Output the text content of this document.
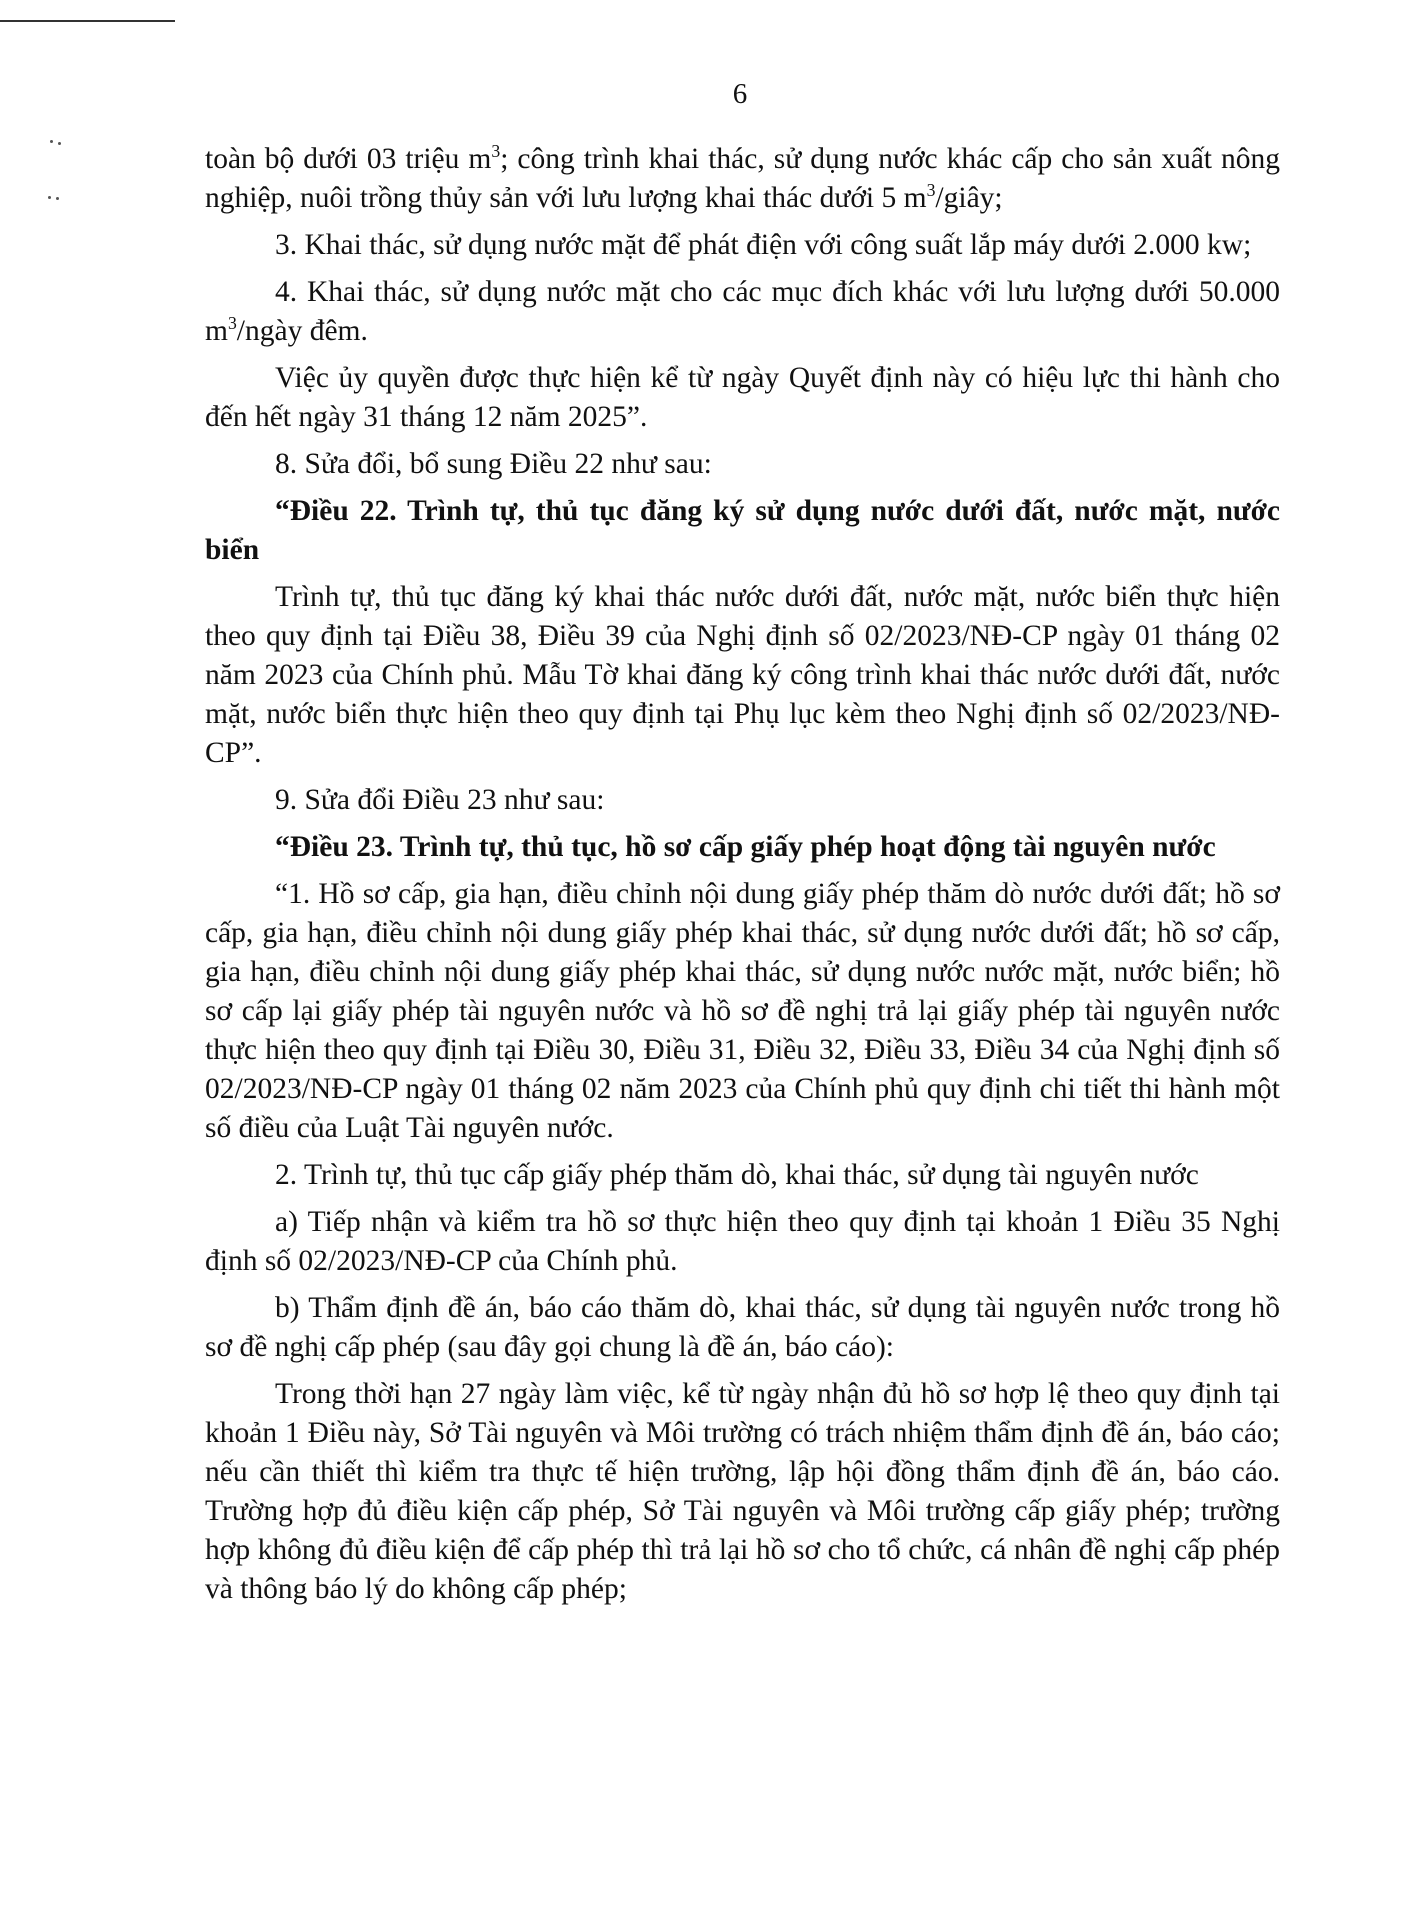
6

toàn bộ dưới 03 triệu $m^3$; công trình khai thác, sử dụng nước khác cấp cho sản xuất nông nghiệp, nuôi trồng thủy sản với lưu lượng khai thác dưới 5 $m^3$/giây;

3. Khai thác, sử dụng nước mặt để phát điện với công suất lắp máy dưới 2.000 kw;

4. Khai thác, sử dụng nước mặt cho các mục đích khác với lưu lượng dưới 50.000 $m^3$/ngày đêm.

Việc ủy quyền được thực hiện kể từ ngày Quyết định này có hiệu lực thi hành cho đến hết ngày 31 tháng 12 năm 2025”.

8. Sửa đổi, bổ sung Điều 22 như sau:

“Điều 22. Trình tự, thủ tục đăng ký sử dụng nước dưới đất, nước mặt, nước biển

Trình tự, thủ tục đăng ký khai thác nước dưới đất, nước mặt, nước biển thực hiện theo quy định tại Điều 38, Điều 39 của Nghị định số 02/2023/NĐ-CP ngày 01 tháng 02 năm 2023 của Chính phủ. Mẫu Tờ khai đăng ký công trình khai thác nước dưới đất, nước mặt, nước biển thực hiện theo quy định tại Phụ lục kèm theo Nghị định số 02/2023/NĐ-CP”.

9. Sửa đổi Điều 23 như sau:

“Điều 23. Trình tự, thủ tục, hồ sơ cấp giấy phép hoạt động tài nguyên nước

“1. Hồ sơ cấp, gia hạn, điều chỉnh nội dung giấy phép thăm dò nước dưới đất; hồ sơ cấp, gia hạn, điều chỉnh nội dung giấy phép khai thác, sử dụng nước dưới đất; hồ sơ cấp, gia hạn, điều chỉnh nội dung giấy phép khai thác, sử dụng nước nước mặt, nước biển; hồ sơ cấp lại giấy phép tài nguyên nước và hồ sơ đề nghị trả lại giấy phép tài nguyên nước thực hiện theo quy định tại Điều 30, Điều 31, Điều 32, Điều 33, Điều 34 của Nghị định số 02/2023/NĐ-CP ngày 01 tháng 02 năm 2023 của Chính phủ quy định chi tiết thi hành một số điều của Luật Tài nguyên nước.

2. Trình tự, thủ tục cấp giấy phép thăm dò, khai thác, sử dụng tài nguyên nước

a) Tiếp nhận và kiểm tra hồ sơ thực hiện theo quy định tại khoản 1 Điều 35 Nghị định số 02/2023/NĐ-CP của Chính phủ.

b) Thẩm định đề án, báo cáo thăm dò, khai thác, sử dụng tài nguyên nước trong hồ sơ đề nghị cấp phép (sau đây gọi chung là đề án, báo cáo):

Trong thời hạn 27 ngày làm việc, kể từ ngày nhận đủ hồ sơ hợp lệ theo quy định tại khoản 1 Điều này, Sở Tài nguyên và Môi trường có trách nhiệm thẩm định đề án, báo cáo; nếu cần thiết thì kiểm tra thực tế hiện trường, lập hội đồng thẩm định đề án, báo cáo. Trường hợp đủ điều kiện cấp phép, Sở Tài nguyên và Môi trường cấp giấy phép; trường hợp không đủ điều kiện để cấp phép thì trả lại hồ sơ cho tổ chức, cá nhân đề nghị cấp phép và thông báo lý do không cấp phép;
